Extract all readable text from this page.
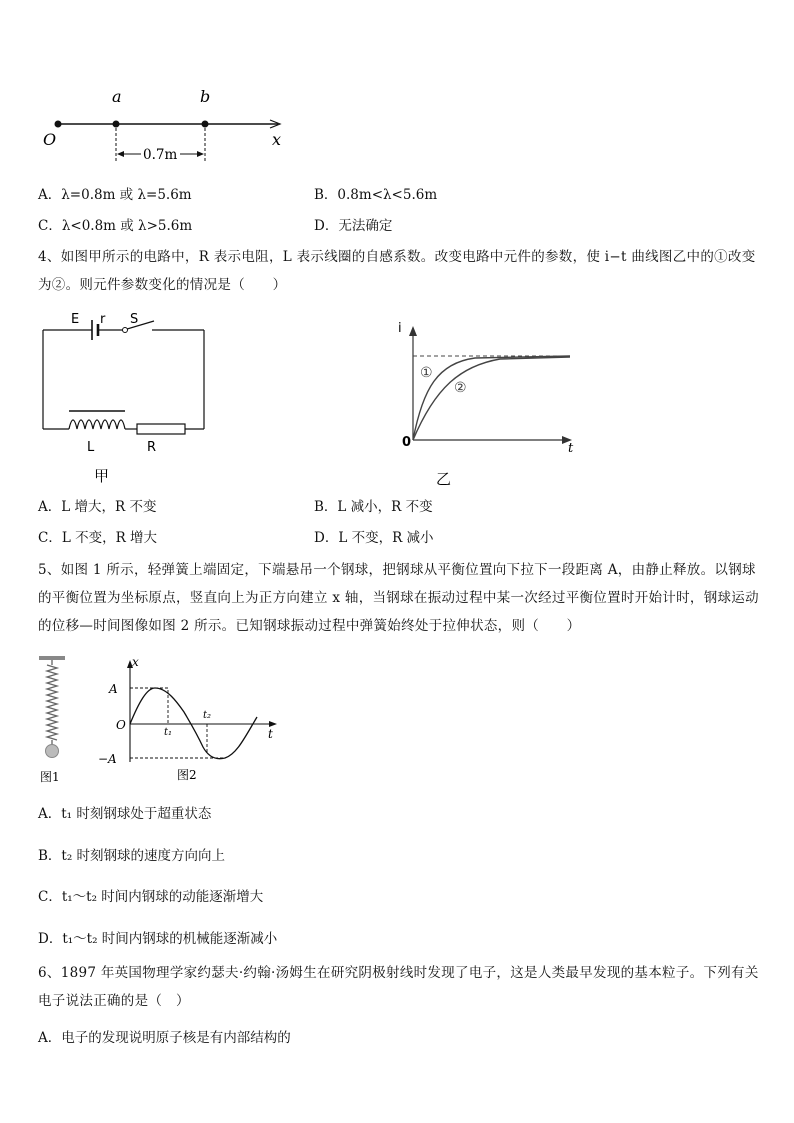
a	b
O	x
0.7m
A．λ=0.8m 或 λ=5.6m	B．0.8m<λ<5.6m
C．λ<0.8m 或 λ>5.6m	D．无法确定
4、如图甲所示的电路中，R 表示电阻，L 表示线圈的自感系数。改变电路中元件的参数，使 i−t 曲线图乙中的①改变为②。则元件参数变化的情况是（　　）
E r S
L	R
甲
i
t
0
①
②
乙
A．L 增大，R 不变	B．L 减小，R 不变
C．L 不变，R 增大	D．L 不变，R 减小
5、如图 1 所示，轻弹簧上端固定，下端悬吊一个钢球，把钢球从平衡位置向下拉下一段距离 A，由静止释放。以钢球的平衡位置为坐标原点，竖直向上为正方向建立 x 轴，当钢球在振动过程中某一次经过平衡位置时开始计时，钢球运动的位移—时间图像如图 2 所示。已知钢球振动过程中弹簧始终处于拉伸状态，则（　　）
图1
x
t
O
A
−A
t₁
t₂
图2
A．t₁ 时刻钢球处于超重状态
B．t₂ 时刻钢球的速度方向向上
C．t₁～t₂ 时间内钢球的动能逐渐增大
D．t₁～t₂ 时间内钢球的机械能逐渐减小
6、1897 年英国物理学家约瑟夫·约翰·汤姆生在研究阴极射线时发现了电子，这是人类最早发现的基本粒子。下列有关电子说法正确的是（　）
A．电子的发现说明原子核是有内部结构的
